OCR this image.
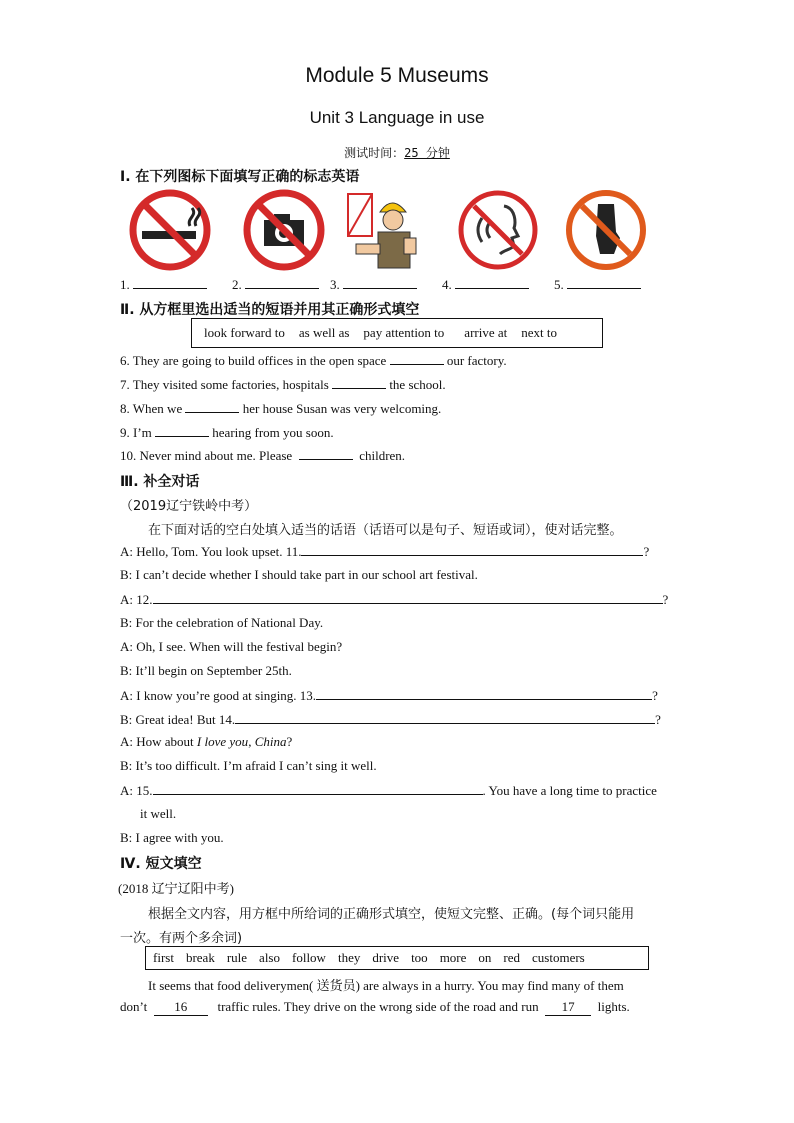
Module 5 Museums
Unit 3 Language in use
测试时间：25 分钟
Ⅰ. 在下列图标下面填写正确的标志英语
1.	2.	3.	4.	5.
Ⅱ. 从方框里选出适当的短语并用其正确形式填空
look forward to as well as pay attention to arrive at next to
6. They are going to build offices in the open space	our factory.
7. They visited some factories, hospitals	the school.
8. When we	her house Susan was very welcoming.
9. I’m	hearing from you soon.
10. Never mind about me. Please	children.
Ⅲ. 补全对话
（2019辽宁铁岭中考）
在下面对话的空白处填入适当的话语（话语可以是句子、短语或词），使对话完整。
A: Hello, Tom. You look upset. 11.	?
B: I can’t decide whether I should take part in our school art festival.
A: 12.	?
B: For the celebration of National Day.
A: Oh, I see. When will the festival begin?
B: It’ll begin on September 25th.
A: I know you’re good at singing. 13.	?
B: Great idea! But 14.	?
A: How about I love you, China?
B: It’s too difficult. I’m afraid I can’t sing it well.
A: 15.	. You have a long time to practice
it well.
B: I agree with you.
Ⅳ. 短文填空
(2018 辽宁辽阳中考)
根据全文内容，用方框中所给词的正确形式填空，使短文完整、正确。(每个词只能用
一次。有两个多余词)
first break rule also follow they drive too more on red customers
It seems that food deliverymen( 送货员) are always in a hurry. You may find many of them
don’t 16 traffic rules. They drive on the wrong side of the road and run 17 lights.
